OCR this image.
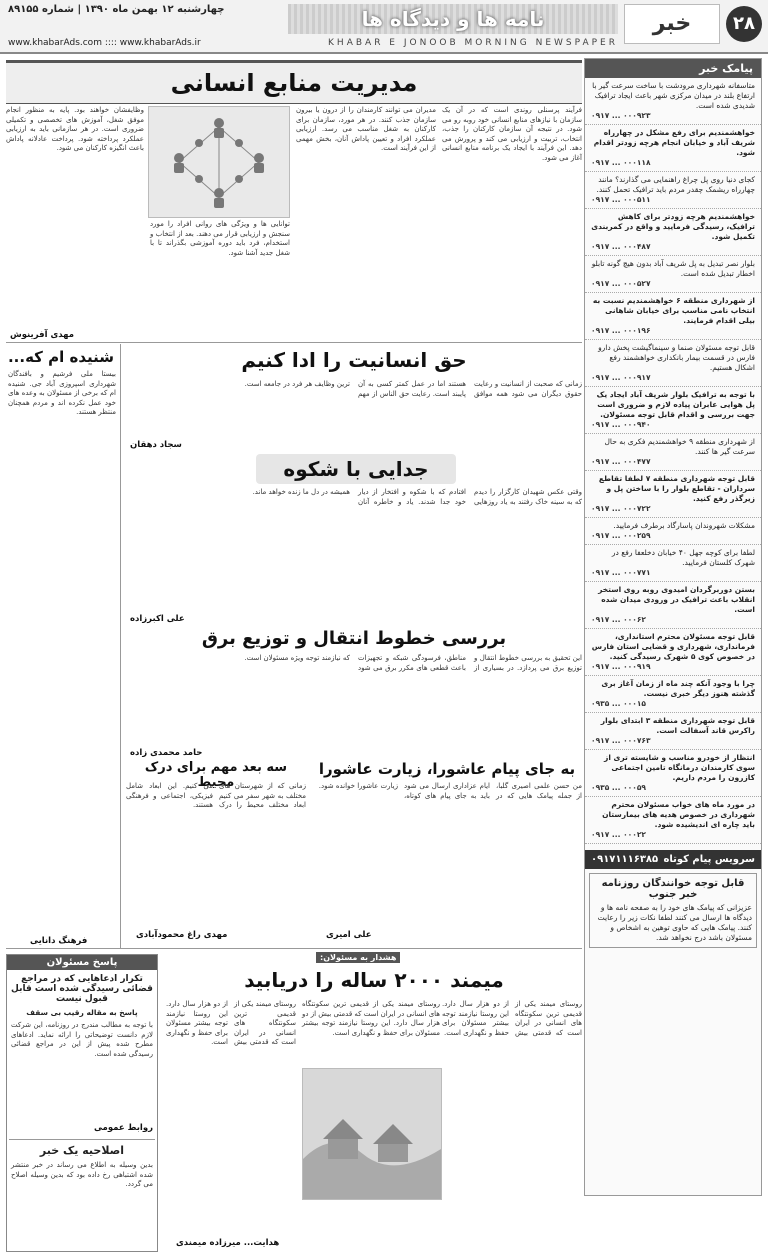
۲۸
خبر
نامه ها و دیدگاه ها
چهارشنبه ۱۲ بهمن ماه ۱۳۹۰ | شماره ۸۹۱۵۵
www.khabarAds.com :::: www.khabarAds.ir	KHABAR E JONOOB MORNING NEWSPAPER
پیامک خبر
متاسفانه شهرداری مرودشت با ساخت سرعت گیر با ارتفاع بلند در میدان مرکزی شهر باعث ایجاد ترافیک شدیدی شده است.
۰۹۱۷ ... ۰۰۰۹۲۳
خواهشمندیم برای رفع مشکل در چهارراه شریف آباد و خیابان انجام هرچه زودتر اقدام شود.
۰۹۱۷ ... ۰۰۰۱۱۸
کجای دنیا روی پل چراغ راهنمایی می گذارند؟ مانند چهارراه ریشمک چقدر مردم باید ترافیک تحمل کنند.
۰۹۱۷ ... ۰۰۰۵۱۱
خواهشمندیم هرچه زودتر برای کاهش ترافیک، رسیدگی فرمایید و واقع در کمربندی تکمیل شود.
۰۹۱۷ ... ۰۰۰۴۸۷
بلوار نصر تبدیل به پل شریف آباد بدون هیچ گونه تابلو اخطار تبدیل شده است.
۰۹۱۷ ... ۰۰۰۵۲۷
از شهرداری منطقه ۶ خواهشمندیم نسبت به انتخاب نامی مناسب برای خیابان شاهانی بیلی اقدام فرمایند.
۰۹۱۷ ... ۰۰۰۱۹۶
قابل توجه مسئولان صنما و سینماگیشت پخش دارو فارس در قسمت بیمار بانکداری خواهشمند رفع اشکال هستیم.
۰۹۱۷ ... ۰۰۰۹۱۷
با توجه به ترافیک بلوار شریف آباد ایجاد یک پل هوایی عابران پیاده لازم و ضروری است جهت بررسی و اقدام قابل توجه مسئولان.
۰۹۱۷ ... ۰۰۰۹۴۰
از شهرداری منطقه ۹ خواهشمندیم فکری به حال سرعت گیر ها کنند.
۰۹۱۷ ... ۰۰۰۴۷۷
قابل توجه شهرداری منطقه ۷ لطفا تقاطع سرداران - تقاطع بلوار را با ساختن پل و زیرگذر رفع کنید.
۰۹۱۷ ... ۰۰۰۷۲۲
مشکلات شهروندان پاسارگاد برطرف فرمایید.
۰۹۱۷ ... ۰۰۰۲۵۹
لطفا برای کوچه جهل ۴۰ خیابان دخلعفا رفع در شهرک کلستان فرمایید.
۰۹۱۷ ... ۰۰۰۷۷۱
بستن دوربرگردان امیدوی روبه روی استخر انقلاب باعث ترافیک در ورودی میدان شده است.
۰۹۱۷ ... ۰۰۰۶۲
قابل توجه مسئولان محترم استانداری، فرمانداری، شهرداری و قضایی استان فارس در خصوص کوی ۵ شهرک رسیدگی کنید.
۰۹۱۷ ... ۰۰۰۹۱۹
چرا با وجود آنکه چند ماه از زمان آغاز بری گذشته هنوز دیگر خبری نیست.
۰۹۳۵ ... ۰۰۰۱۵
قابل توجه شهرداری منطقه ۳ ابتدای بلوار راکرس قاند آسفالت است.
۰۹۱۷ ... ۰۰۰۷۶۳
انتظار از خودرو مناسب و شایسته تری از سوی کارمندان درمانگاه تامین اجتماعی کازرون را مردم داریم.
۰۹۳۵ ... ۰۰۰۵۹
در مورد ماه های خواب مسئولان محترم شهرداری در خصوص هدیه های بیمارستان باید چاره ای اندیشیده شود.
۰۹۱۷ ... ۰۰۰۲۲
سرویس پیام کوتاه
۰۹۱۷۱۱۱۶۳۸۵
قابل توجه خوانندگان روزنامه خبر جنوب
عزیزانی که پیامک های خود را به صفحه نامه ها و دیدگاه ها ارسال می کنند لطفا نکات زیر را رعایت کنند. پیامک هایی که حاوی توهین به اشخاص و مسئولان باشد درج نخواهد شد.
مدیریت منابع انسانی
فرآیند پرسنلی روندی است که در آن یک سازمان با نیازهای منابع انسانی خود روبه رو می شود. در نتیجه آن سازمان کارکنان را جذب، انتخاب، تربیت و ارزیابی می کند و پرورش می دهد. این فرآیند با ایجاد یک برنامه منابع انسانی آغاز می شود.
مدیران می توانند کارمندان را از درون یا بیرون سازمان جذب کنند. در هر مورد، سازمان برای کارکنان به شغل مناسب می رسد. ارزیابی عملکرد افراد و تعیین پاداش آنان، بخش مهمی از این فرآیند است.
توانایی ها و ویژگی های روانی افراد را مورد سنجش و ارزیابی قرار می دهند. بعد از انتخاب و استخدام، فرد باید دوره آموزشی بگذراند تا با شغل جدید آشنا شود.
وظایفشان خواهند بود. پایه به منظور انجام موفق شغل، آموزش های تخصصی و تکمیلی ضروری است. در هر سازمانی باید به ارزیابی عملکرد پرداخته شود. پرداخت عادلانه پاداش باعث انگیزه کارکنان می شود.
مهدی آفرینوش
شنیده ام که...
بیستا ملی فرشیم و بافندگان شهرداری اسپروزی آباد جی. شنیده ام که برخی از مسئولان به وعده های خود عمل نکرده اند و مردم همچنان منتظر هستند.
فرهنگ دانایی
حق انسانیت را ادا کنیم
زمانی که صحبت از انسانیت و رعایت حقوق دیگران می شود همه موافق هستند اما در عمل کمتر کسی به آن پایبند است. رعایت حق الناس از مهم ترین وظایف هر فرد در جامعه است.
سجاد دهقان
جدایی با شکوه
وقتی عکس شهیدان کارگزار را دیدم که به سینه خاک رفتند به یاد روزهایی افتادم که با شکوه و افتخار از دیار خود جدا شدند. یاد و خاطره آنان همیشه در دل ما زنده خواهد ماند.
علی اکبرزاده
بررسی خطوط انتقال و توزیع برق
این تحقیق به بررسی خطوط انتقال و توزیع برق می پردازد. در بسیاری از مناطق، فرسودگی شبکه و تجهیزات باعث قطعی های مکرر برق می شود که نیازمند توجه ویژه مسئولان است.
حامد محمدی زاده
سه بعد مهم برای درک محیط
زمانی که از شهرستان های مختلف به شهر سفر می کنیم ابعاد مختلف محیط را درک می کنیم. این ابعاد شامل فیزیکی، اجتماعی و فرهنگی هستند.
مهدی راغ محمودآبادی
به جای پیام عاشورا، زیارت عاشورا
من حسن علمی اصیری گلبا، از جمله پیامک هایی که در ایام عزاداری ارسال می شود باید به جای پیام های کوتاه، زیارت عاشورا خوانده شود.
علی امیری
پاسخ مسئولان
تکرار ادعاهایی که در مراجع قضائی رسیدگی شده است قابل قبول نیست
پاسخ به مقاله رقیب بی سقف
با توجه به مطالب مندرج در روزنامه، این شرکت لازم دانست توضیحاتی را ارائه نماید. ادعاهای مطرح شده پیش از این در مراجع قضائی رسیدگی شده است.
روابط عمومی
اصلاحیه یک خبر
بدین وسیله به اطلاع می رساند در خبر منتشر شده اشتباهی رخ داده بود که بدین وسیله اصلاح می گردد.
هشدار به مسئولان:
میمند ۲۰۰۰ ساله را دریابید
روستای میمند یکی از قدیمی ترین سکونتگاه های انسانی در ایران است که قدمتی بیش از دو هزار سال دارد. این روستا نیازمند توجه بیشتر مسئولان برای حفظ و نگهداری است.
روستای میمند یکی از قدیمی ترین سکونتگاه های انسانی در ایران است که قدمتی بیش از دو هزار سال دارد. این روستا نیازمند توجه بیشتر مسئولان برای حفظ و نگهداری است.
روستای میمند یکی از قدیمی ترین سکونتگاه های انسانی در ایران است که قدمتی بیش از دو هزار سال دارد. این روستا نیازمند توجه بیشتر مسئولان برای حفظ و نگهداری است.
هدایت... میرزاده میمندی
